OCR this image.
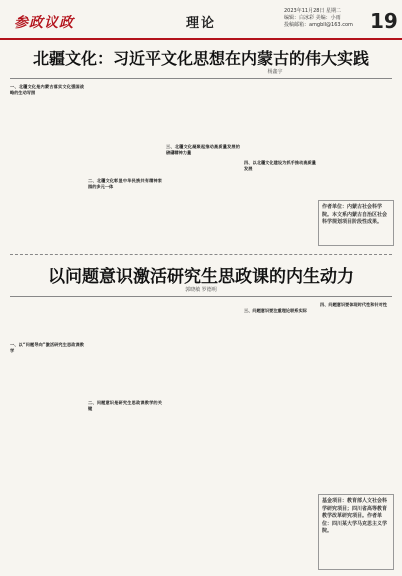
参政议政	理论
2023年11月28日 星期二
编辑：白冰彩 美编：小雨
投稿邮箱：amgbll@163.com 19
北疆文化：习近平文化思想在内蒙古的伟大实践
杨鑫宇
一、北疆文化是内蒙古落实文化强国战略的生动写照
二、北疆文化彰显中华民族共有精神家园的多元一体
三、北疆文化凝聚起推动高质量发展的磅礴精神力量
四、以北疆文化建设为抓手推动高质量发展
作者单位：内蒙古社会科学院。本文系内蒙古自治区社会科学规划项目阶段性成果。
以问题意识激活研究生思政课的内生动力
郭晓敏 罗德明
一、以“问题导向”激活研究生思政课教学
二、问题意识是研究生思政课教学的关键
三、问题意识要注重理论联系实际
四、问题意识要体现时代性和针对性
基金项目：教育部人文社会科学研究项目；四川省高等教育教学改革研究项目。作者单位：四川某大学马克思主义学院。
